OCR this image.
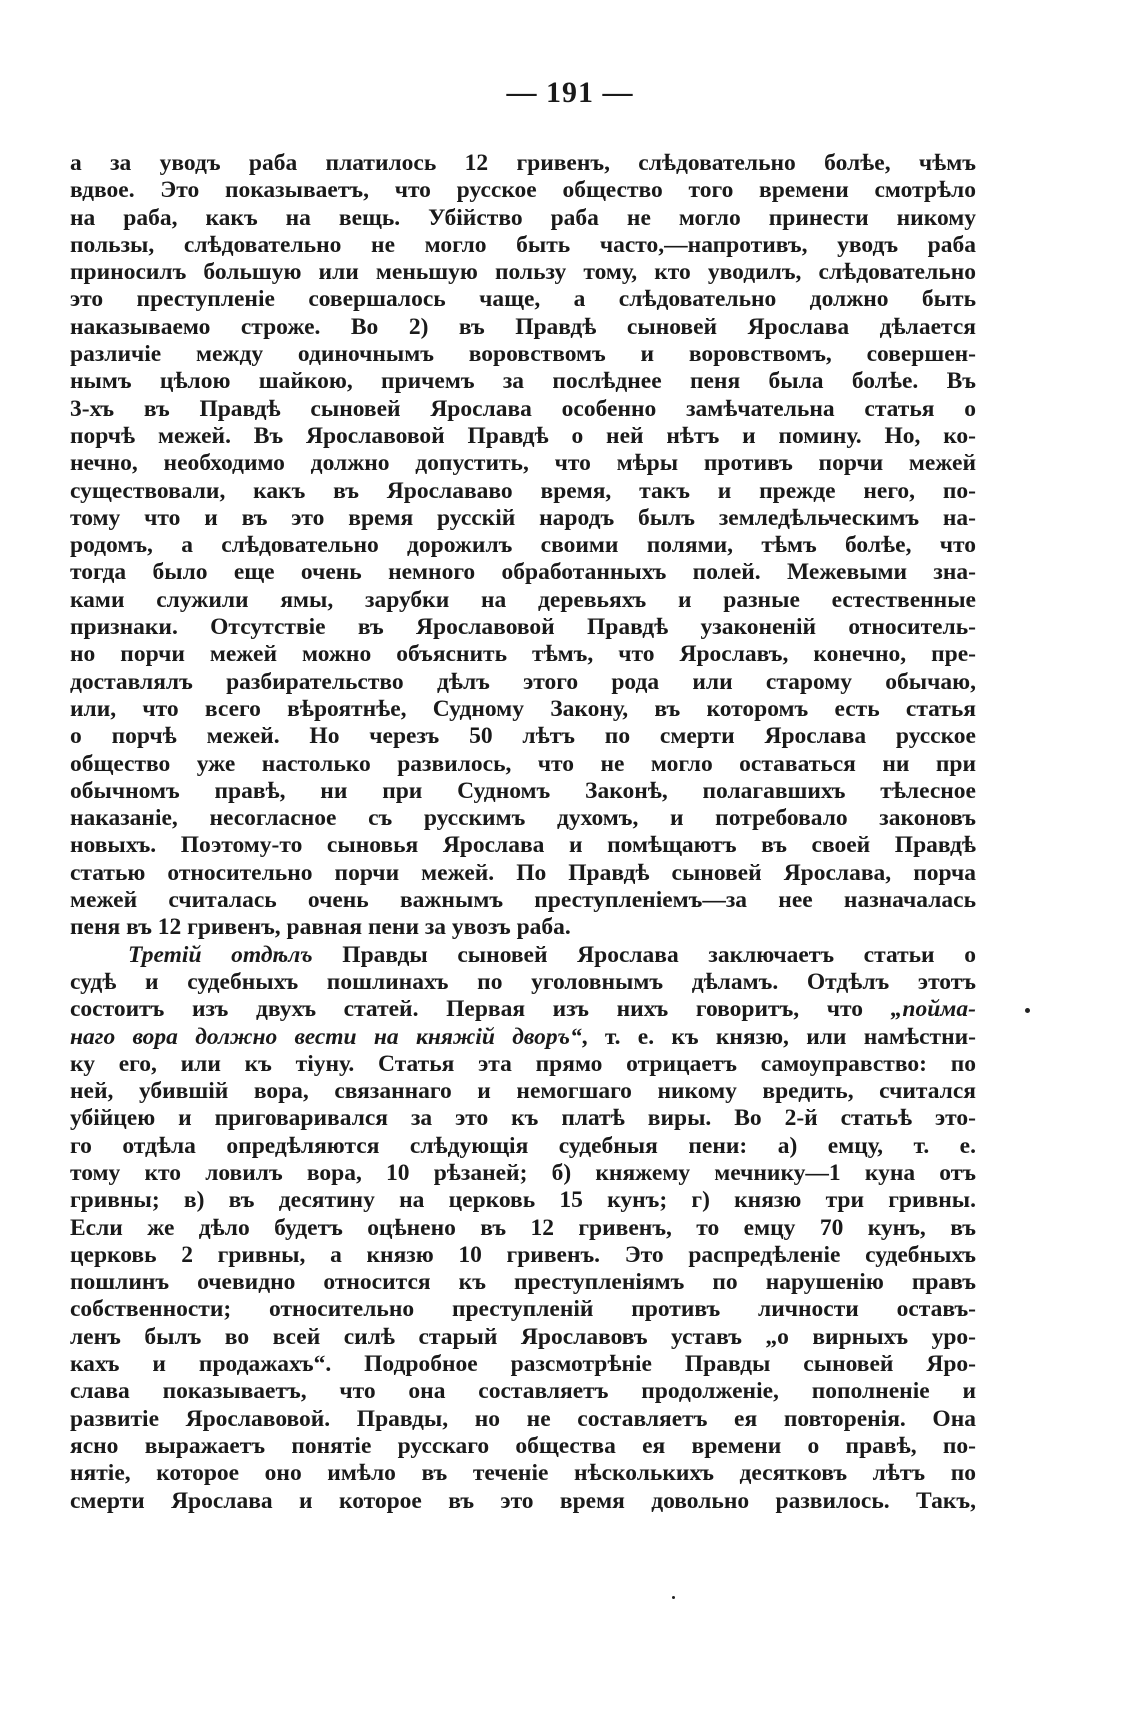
— 191 —
а за уводъ раба платилось 12 гривенъ, слѣдовательно болѣе, чѣмъ
вдвое. Это показываетъ, что русское общество того времени смотрѣло
на раба, какъ на вещь. Убійство раба не могло принести никому
пользы, слѣдовательно не могло быть часто,—напротивъ, уводъ раба
приносилъ большую или меньшую пользу тому, кто уводилъ, слѣдовательно
это преступленіе совершалось чаще, а слѣдовательно должно быть
наказываемо строже. Во 2) въ Правдѣ сыновей Ярослава дѣлается
различіе между одиночнымъ воровствомъ и воровствомъ, совершен-
нымъ цѣлою шайкою, причемъ за послѣднее пеня была болѣе. Въ
3-хъ въ Правдѣ сыновей Ярослава особенно замѣчательна статья о
порчѣ межей. Въ Ярославовой Правдѣ о ней нѣтъ и помину. Но, ко-
нечно, необходимо должно допустить, что мѣры противъ порчи межей
существовали, какъ въ Ярослававо время, такъ и прежде него, по-
тому что и въ это время русскій народъ былъ земледѣльческимъ на-
родомъ, а слѣдовательно дорожилъ своими полями, тѣмъ болѣе, что
тогда было еще очень немного обработанныхъ полей. Межевыми зна-
ками служили ямы, зарубки на деревьяхъ и разные естественные
признаки. Отсутствіе въ Ярославовой Правдѣ узаконеній относитель-
но порчи межей можно объяснить тѣмъ, что Ярославъ, конечно, пре-
доставлялъ разбирательство дѣлъ этого рода или старому обычаю,
или, что всего вѣроятнѣе, Судному Закону, въ которомъ есть статья
о порчѣ межей. Но черезъ 50 лѣтъ по смерти Ярослава русское
общество уже настолько развилось, что не могло оставаться ни при
обычномъ правѣ, ни при Судномъ Законѣ, полагавшихъ тѣлесное
наказаніе, несогласное съ русскимъ духомъ, и потребовало законовъ
новыхъ. Поэтому-то сыновья Ярослава и помѣщаютъ въ своей Правдѣ
статью относительно порчи межей. По Правдѣ сыновей Ярослава, порча
межей считалась очень важнымъ преступленіемъ—за нее назначалась
пеня въ 12 гривенъ, равная пени за увозъ раба.
Третій отдѣлъ Правды сыновей Ярослава заключаетъ статьи о
судѣ и судебныхъ пошлинахъ по уголовнымъ дѣламъ. Отдѣлъ этотъ
состоитъ изъ двухъ статей. Первая изъ нихъ говоритъ, что „пойма-
наго вора должно вести на княжій дворъ“, т. е. къ князю, или намѣстни-
ку его, или къ тіуну. Статья эта прямо отрицаетъ самоуправство: по
ней, убившій вора, связаннаго и немогшаго никому вредить, считался
убійцею и приговаривался за это къ платѣ виры. Во 2-й статьѣ это-
го отдѣла опредѣляются слѣдующія судебныя пени: а) емцу, т. е.
тому кто ловилъ вора, 10 рѣзаней; б) княжему мечнику—1 куна отъ
гривны; в) въ десятину на церковь 15 кунъ; г) князю три гривны.
Если же дѣло будетъ оцѣнено въ 12 гривенъ, то емцу 70 кунъ, въ
церковь 2 гривны, а князю 10 гривенъ. Это распредѣленіе судебныхъ
пошлинъ очевидно относится къ преступленіямъ по нарушенію правъ
собственности; относительно преступленій противъ личности оставъ-
ленъ былъ во всей силѣ старый Ярославовъ уставъ „о вирныхъ уро-
кахъ и продажахъ“. Подробное разсмотрѣніе Правды сыновей Яро-
слава показываетъ, что она составляетъ продолженіе, пополненіе и
развитіе Ярославовой. Правды, но не составляетъ ея повторенія. Она
ясно выражаетъ понятіе русскаго общества ея времени о правѣ, по-
нятіе, которое оно имѣло въ теченіе нѣсколькихъ десятковъ лѣтъ по
смерти Ярослава и которое въ это время довольно развилось. Такъ,
